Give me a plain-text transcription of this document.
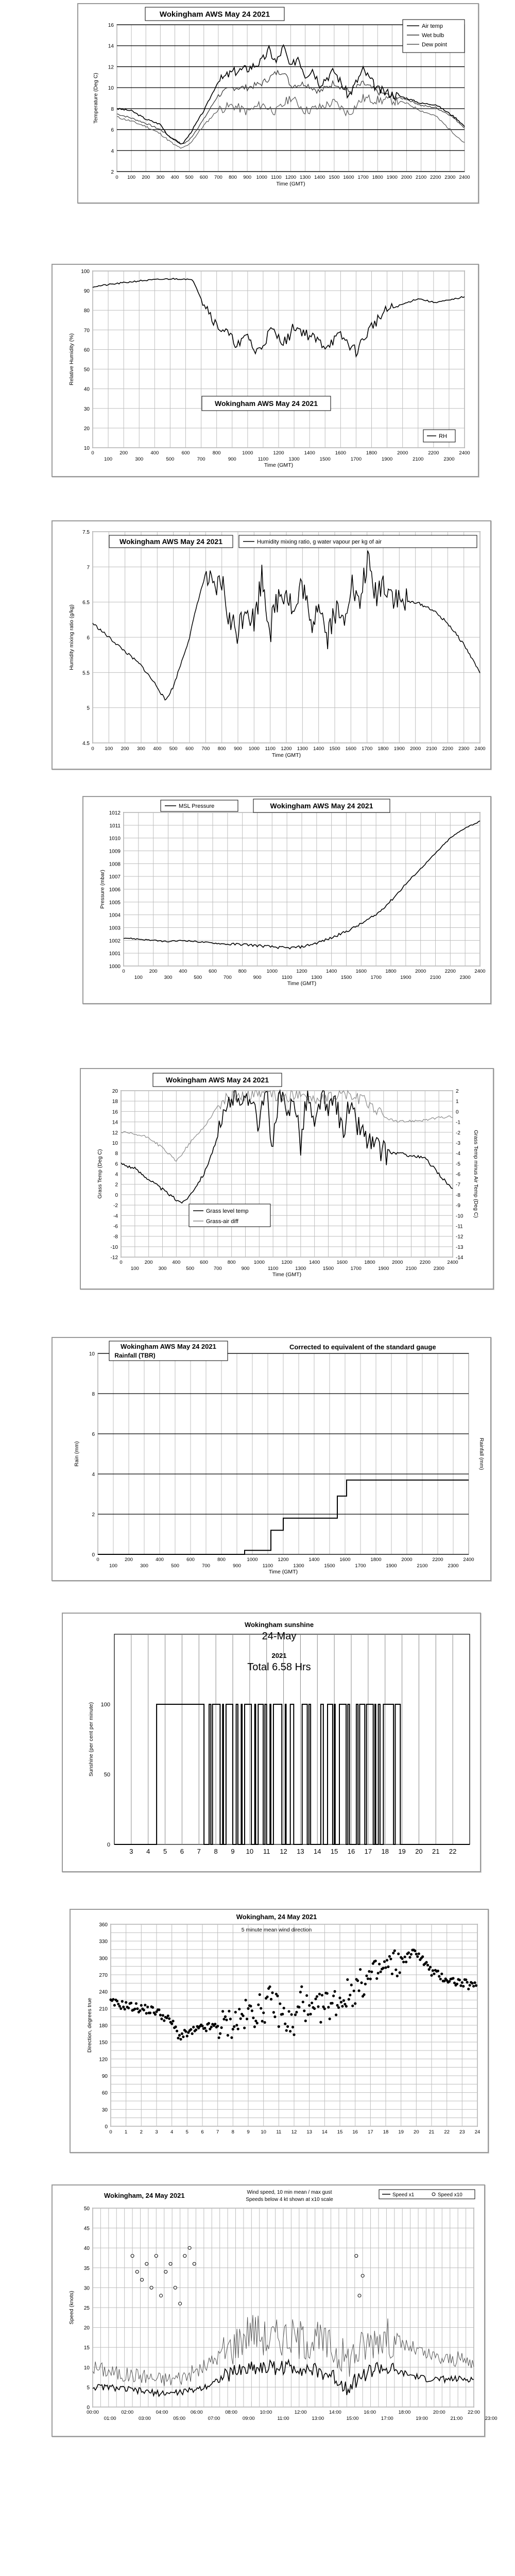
2
4
6
8
10
12
14
16
0 100 200 300 400 500 600 700 800 900 1000 1100 1200 1300 1400 1500 1600 1700 1800 1900 2000 2100 2200 2300 2400
Time (GMT)
Temperature (Deg C)
Wokingham AWS May 24 2021
Air temp
Wet bulb
Dew point
10
20
30
40
50
60
70
80
90
100
0	200	400	600	800	1000	1200	1400	1600	1800	2000	2200	2400
100	300	500	700	900	1100	1300	1500	1700	1900	2100	2300
Time (GMT)
Relative Humidity (%)
Wokingham AWS May 24 2021
RH
4.5
5
5.5
6
6.5
7
7.5
0 100 200 300 400 500 600 700 800 900 1000 1100 1200 1300 1400 1500 1600 1700 1800 1900 2000 2100 2200 2300 2400
Time (GMT)
Humidity mixing ratio (g/kg)
Wokingham AWS May 24 2021	Humidity mixing ratio, g water vapour per kg of air
1000
1001
1002
1003
1004
1005
1006
1007
1008
1009
1010
1011
1012
0	200	400	600	800	1000	1200	1400	1600	1800	2000	2200	2400
100	300	500	700	900	1100	1300	1500	1700	1900	2100	2300
Time (GMT)
Pressure (mbar)
MSL Pressure	Wokingham AWS May 24 2021
-12
-10
-8
-6
-4
-2
0
2
4
6
8
10
12
14
16
18
20
0	200	400	600	800	1000	1200	1400	1600	1800	2000	2200	2400
100	300	500	700	900	1100	1300	1500	1700	1900	2100	2300
Time (GMT)
Grass Temp (Deg C)
-14
-13
-12
-11
-10
-9
-8
-7
-6
-5
-4
-3
-2
-1
0
1
2
Grass Temp minus Air Temp (Deg C)
Wokingham AWS May 24 2021
Grass level temp
Grass-air diff
0
2
4
6
8
10
0	200	400	600	800	1000	1200	1400	1600	1800	2000	2200	2400
100	300	500	700	900	1100	1300	1500	1700	1900	2100	2300
Time (GMT)
Rain (mm)	Rainfall (mm)
Wokingham AWS May 24 2021
Rainfall (TBR)
Corrected to equivalent of the standard gauge
3 4 5 6 7 8 9 10 11 12 13 14 15 16 17 18 19 20 21 22
0
50
100
Sunshine (per cent per minute)
Wokingham sunshine
24-May
2021
Total 6.58 Hrs
0
30
60
90
120
150
180
210
240
270
300
330
360
0	1	2	3	4	5	6	7	8	9 10 11 12 13 14 15 16 17 18 19 20 21 22 23 24
Direction, degrees true
Wokingham, 24 May 2021
5 minute mean wind direction
0
5
10
15
20
25
30
35
40
45
50
00:00	02:00	04:00	06:00	08:00	10:00	12:00	14:00	16:00	18:00	20:00	22:00
01:00	03:00	05:00	07:00	09:00	11:00	13:00	15:00	17:00	19:00	21:00	23:00
Speed (knots)
Wokingham, 24 May 2021	Wind speed, 10 min mean / max gust
Speeds below 4 kt shown at x10 scale
Speed x1	Speed x10
